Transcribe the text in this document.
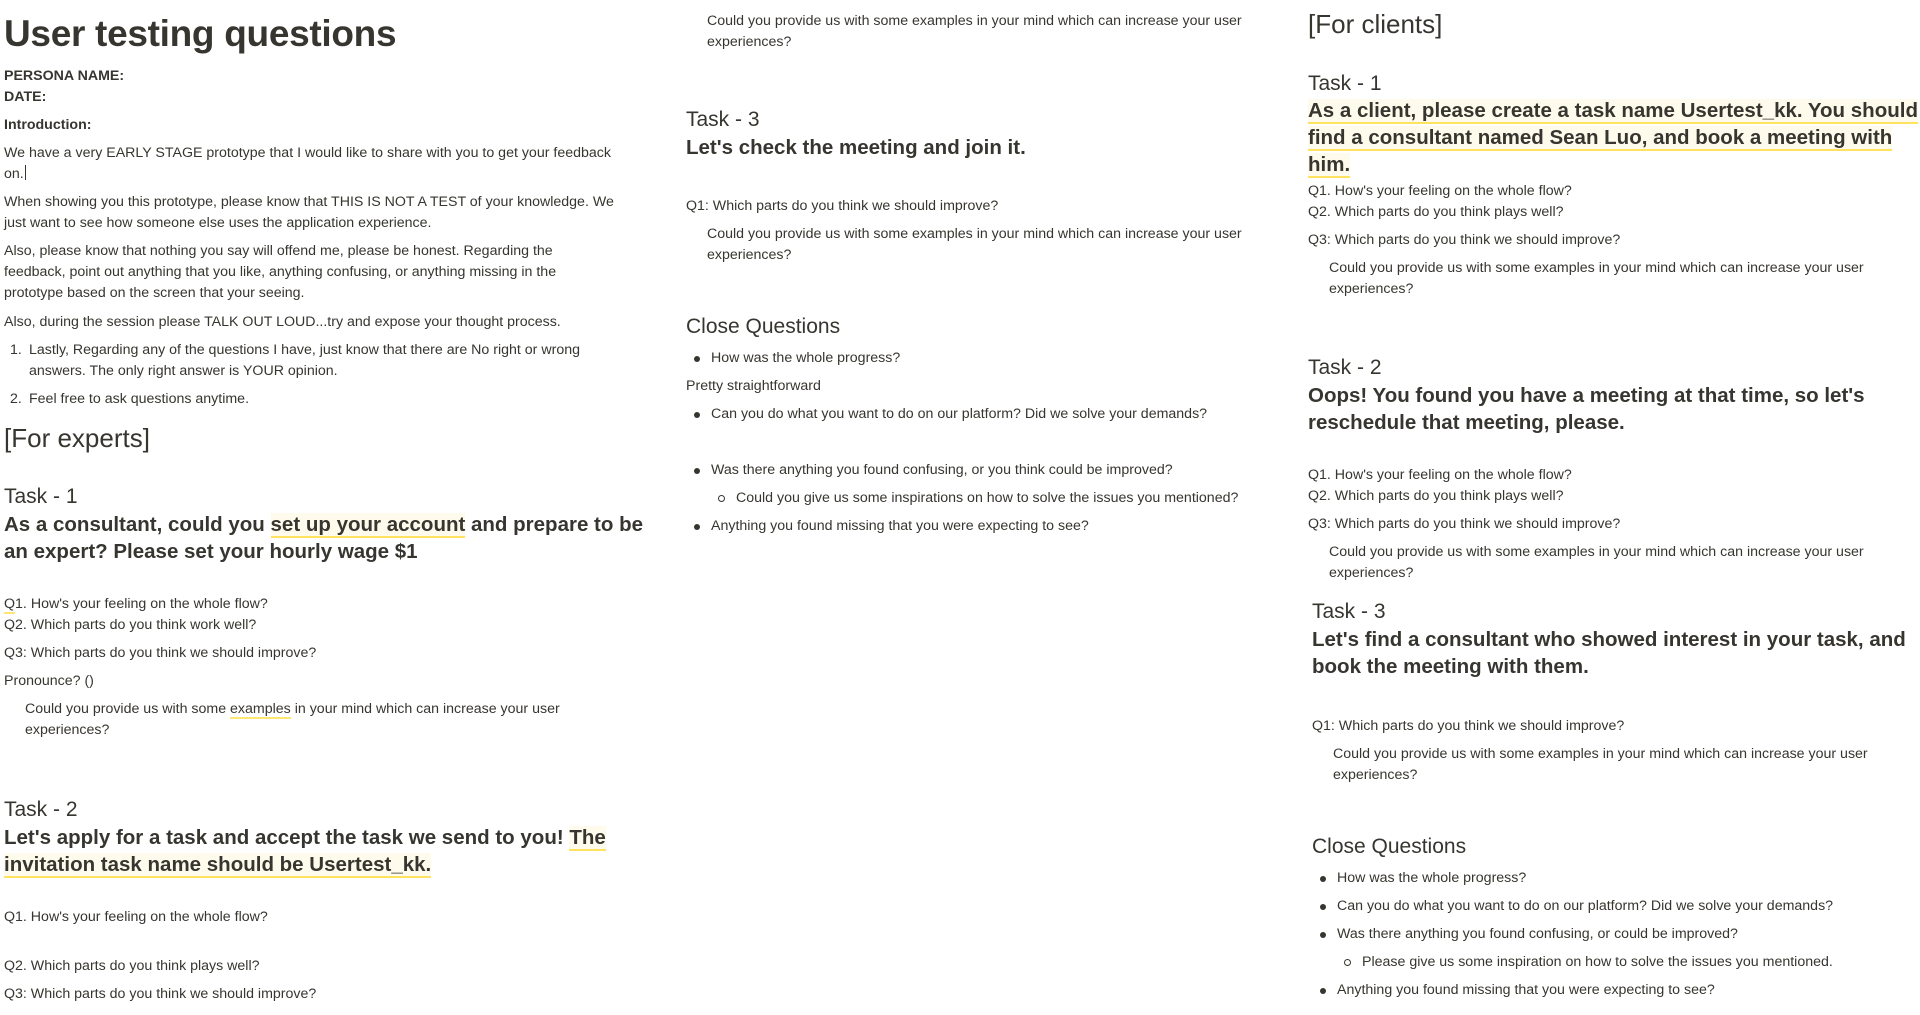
User testing questions
PERSONA NAME:
DATE:
Introduction:
We have a very EARLY STAGE prototype that I would like to share with you to get your feedback
on.
When showing you this prototype, please know that THIS IS NOT A TEST of your knowledge. We
just want to see how someone else uses the application experience.
Also, please know that nothing you say will offend me, please be honest. Regarding the
feedback, point out anything that you like, anything confusing, or anything missing in the
prototype based on the screen that your seeing.
Also, during the session please TALK OUT LOUD...try and expose your thought process.
1. Lastly, Regarding any of the questions I have, just know that there are No right or wrong
answers. The only right answer is YOUR opinion.
2. Feel free to ask questions anytime.
[For experts]
Task - 1
As a consultant, could you set up your account and prepare to be
an expert? Please set your hourly wage $1
Q1. How's your feeling on the whole flow?
Q2. Which parts do you think work well?
Q3: Which parts do you think we should improve?
Pronounce? ()
Could you provide us with some examples in your mind which can increase your user
experiences?
Task - 2
Let's apply for a task and accept the task we send to you! The
invitation task name should be Usertest_kk.
Q1. How's your feeling on the whole flow?
Q2. Which parts do you think plays well?
Q3: Which parts do you think we should improve?
Could you provide us with some examples in your mind which can increase your user
experiences?
Task - 3
Let's check the meeting and join it.
Q1: Which parts do you think we should improve?
Could you provide us with some examples in your mind which can increase your user
experiences?
Close Questions
How was the whole progress?
Pretty straightforward
Can you do what you want to do on our platform? Did we solve your demands?
Was there anything you found confusing, or you think could be improved?
Could you give us some inspirations on how to solve the issues you mentioned?
Anything you found missing that you were expecting to see?
[For clients]
Task - 1
As a client, please create a task name Usertest_kk. You should
find a consultant named Sean Luo, and book a meeting with him.
Q1. How's your feeling on the whole flow?
Q2. Which parts do you think plays well?
Q3: Which parts do you think we should improve?
Could you provide us with some examples in your mind which can increase your user
experiences?
Task - 2
Oops! You found you have a meeting at that time, so let's
reschedule that meeting, please.
Q1. How's your feeling on the whole flow?
Q2. Which parts do you think plays well?
Q3: Which parts do you think we should improve?
Could you provide us with some examples in your mind which can increase your user
experiences?
Task - 3
Let's find a consultant who showed interest in your task, and
book the meeting with them.
Q1: Which parts do you think we should improve?
Could you provide us with some examples in your mind which can increase your user
experiences?
Close Questions
How was the whole progress?
Can you do what you want to do on our platform? Did we solve your demands?
Was there anything you found confusing, or could be improved?
Please give us some inspiration on how to solve the issues you mentioned.
Anything you found missing that you were expecting to see?
